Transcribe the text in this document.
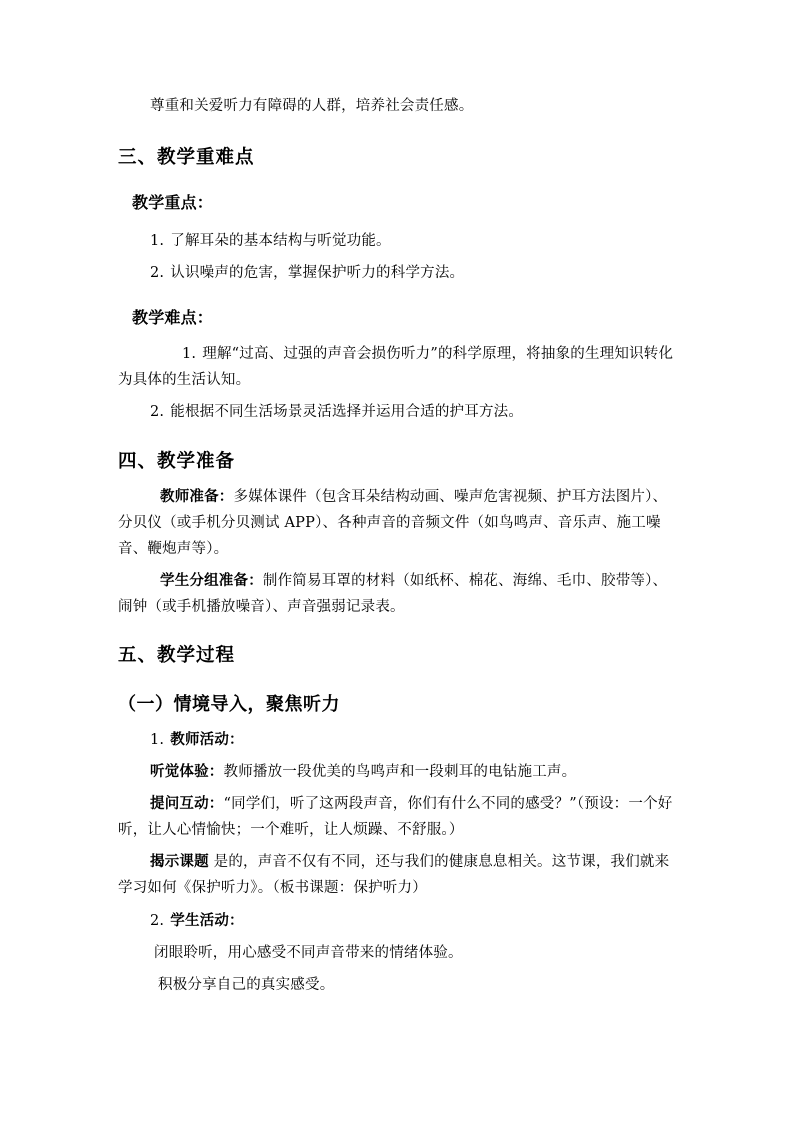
尊重和关爱听力有障碍的人群，培养社会责任感。
三、教学重难点
教学重点：
1. 了解耳朵的基本结构与听觉功能。
2. 认识噪声的危害，掌握保护听力的科学方法。
教学难点：
1. 理解“过高、过强的声音会损伤听力”的科学原理，将抽象的生理知识转化为具体的生活认知。
2. 能根据不同生活场景灵活选择并运用合适的护耳方法。
四、教学准备
教师准备：多媒体课件（包含耳朵结构动画、噪声危害视频、护耳方法图片）、分贝仪（或手机分贝测试 APP）、各种声音的音频文件（如鸟鸣声、音乐声、施工噪音、鞭炮声等）。
学生分组准备：制作简易耳罩的材料（如纸杯、棉花、海绵、毛巾、胶带等）、闹钟（或手机播放噪音）、声音强弱记录表。
五、教学过程
（一）情境导入，聚焦听力
1. 教师活动：
听觉体验：教师播放一段优美的鸟鸣声和一段刺耳的电钻施工声。
提问互动：“同学们，听了这两段声音，你们有什么不同的感受？”（预设：一个好听，让人心情愉快；一个难听，让人烦躁、不舒服。）
揭示课题 是的，声音不仅有不同，还与我们的健康息息相关。这节课，我们就来学习如何《保护听力》。（板书课题：保护听力）
2. 学生活动：
闭眼聆听，用心感受不同声音带来的情绪体验。
积极分享自己的真实感受。
